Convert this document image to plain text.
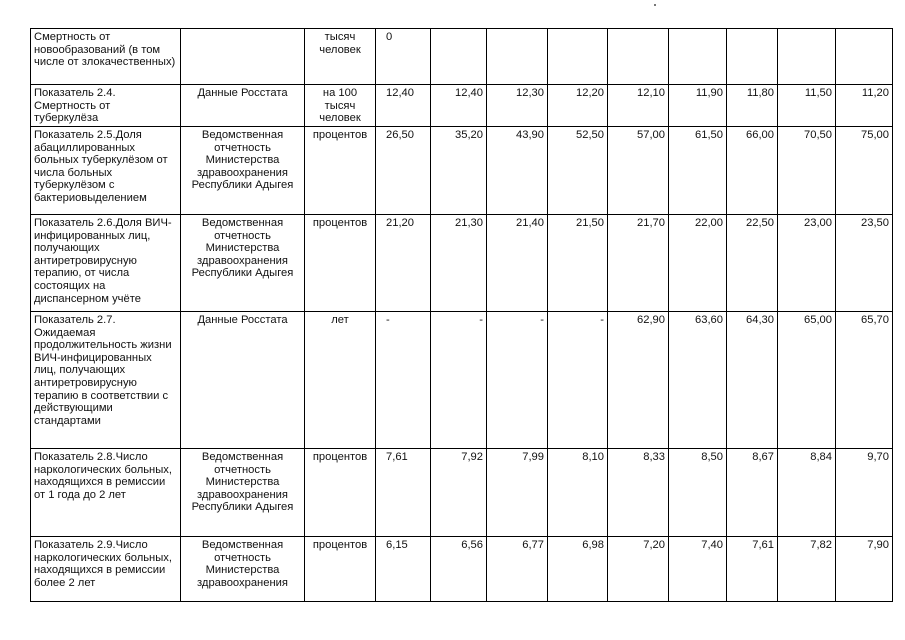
Смертность от новообразований (в том числе от злокачественных)		тысяч человек	0								
Показатель 2.4. Смертность от туберкулёза	Данные Росстата	на 100 тысяч человек	12,40	12,40	12,30	12,20	12,10	11,90	11,80	11,50	11,20
Показатель 2.5.Доля абациллированных больных туберкулёзом от числа больных туберкулёзом с бактериовыделением	Ведомственная отчетность Министерства здравоохранения Республики Адыгея	процентов	26,50	35,20	43,90	52,50	57,00	61,50	66,00	70,50	75,00
Показатель 2.6.Доля ВИЧ-инфицированных лиц, получающих антиретровирусную терапию, от числа состоящих на диспансерном учёте	Ведомственная отчетность Министерства здравоохранения Республики Адыгея	процентов	21,20	21,30	21,40	21,50	21,70	22,00	22,50	23,00	23,50
Показатель 2.7. Ожидаемая продолжительность жизни ВИЧ-инфицированных лиц, получающих антиретровирусную терапию в соответствии с действующими стандартами	Данные Росстата	лет	-	-	-	-	62,90	63,60	64,30	65,00	65,70
Показатель 2.8.Число наркологических больных, находящихся в ремиссии от 1 года до 2 лет	Ведомственная отчетность Министерства здравоохранения Республики Адыгея	процентов	7,61	7,92	7,99	8,10	8,33	8,50	8,67	8,84	9,70
Показатель 2.9.Число наркологических больных, находящихся в ремиссии более 2 лет	Ведомственная отчетность Министерства здравоохранения	процентов	6,15	6,56	6,77	6,98	7,20	7,40	7,61	7,82	7,90
